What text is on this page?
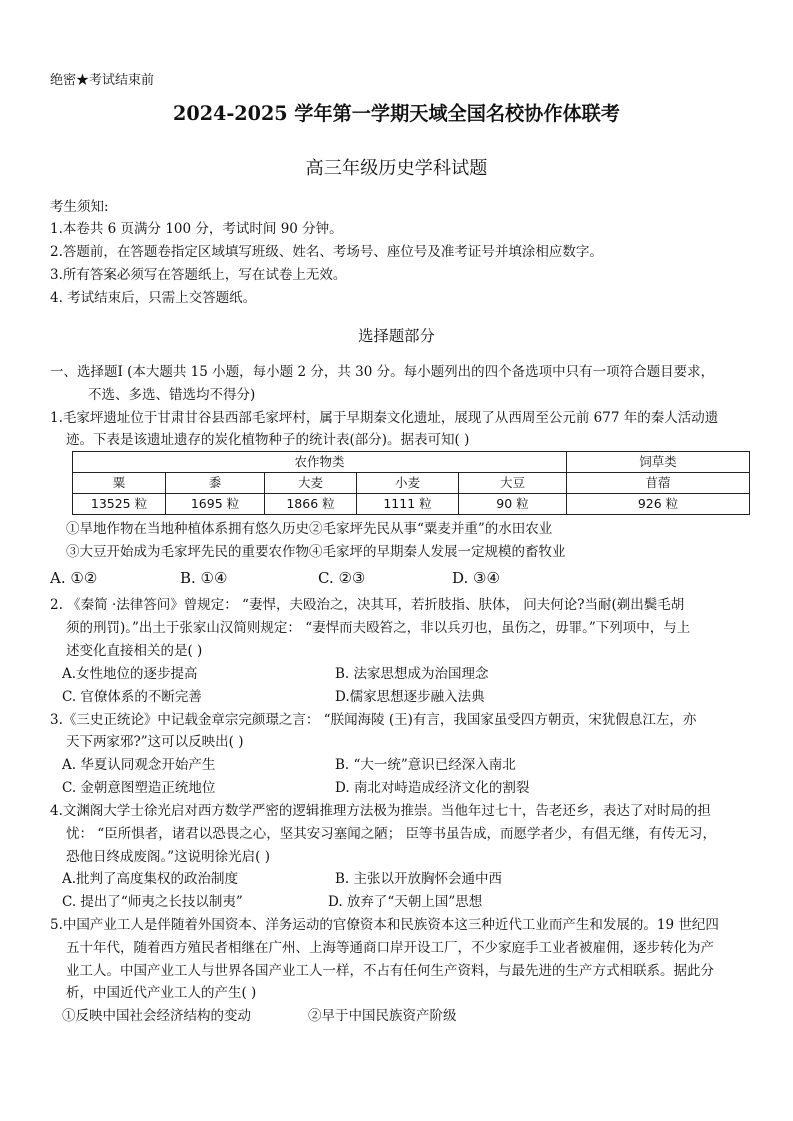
绝密★考试结束前
2024-2025 学年第一学期天域全国名校协作体联考
高三年级历史学科试题
考生须知:
1.本卷共 6 页满分 100 分，考试时间 90 分钟。
2.答题前，在答题卷指定区域填写班级、姓名、考场号、座位号及准考证号并填涂相应数字。
3.所有答案必须写在答题纸上，写在试卷上无效。
4. 考试结束后，只需上交答题纸。
选择题部分
一、选择题Ⅰ (本大题共 15 小题，每小题 2 分，共 30 分。每小题列出的四个备选项中只有一项符合题目要求，
不选、多选、错选均不得分)
1.毛家坪遗址位于甘肃甘谷县西部毛家坪村，属于早期秦文化遗址，展现了从西周至公元前 677 年的秦人活动遗
迹。下表是该遗址遗存的炭化植物种子的统计表(部分)。据表可知( )
农作物类					饲草类
粟	黍	大麦	小麦	大豆	苜蓿
13525 粒	1695 粒	1866 粒	1111 粒	90 粒	926 粒
①旱地作物在当地种植体系拥有悠久历史②毛家坪先民从事“粟麦并重”的水田农业
③大豆开始成为毛家坪先民的重要农作物④毛家坪的早期秦人发展一定规模的畜牧业
A. ①②	B. ①④	C. ②③	D. ③④
2. 《秦简 ·法律答问》曾规定： “妻悍，夫殴治之，决其耳，若折肢指、肤体， 问夫何论?当耐(剃出鬓毛胡
须的刑罚)。”出土于张家山汉简则规定： “妻悍而夫殴笞之，非以兵刃也，虽伤之，毋罪。”下列项中，与上
述变化直接相关的是( )
A.女性地位的逐步提高	B. 法家思想成为治国理念
C. 官僚体系的不断完善	D.儒家思想逐步融入法典
3.《三史正统论》中记载金章宗完颜璟之言： “朕闻海陵 (王)有言，我国家虽受四方朝贡，宋犹假息江左，亦
天下两家邪?”这可以反映出( )
A. 华夏认同观念开始产生	B. “大一统”意识已经深入南北
C. 金朝意图塑造正统地位	D. 南北对峙造成经济文化的割裂
4.文渊阁大学士徐光启对西方数学严密的逻辑推理方法极为推崇。当他年过七十，告老还乡，表达了对时局的担
忧： “臣所惧者，诸君以恐畏之心，坚其安习塞闻之陋； 臣等书虽告成，而愿学者少，有倡无继，有传无习，
恐他日终成废阁。”这说明徐光启( )
A.批判了高度集权的政治制度	B. 主张以开放胸怀会通中西
C. 提出了“师夷之长技以制夷”	D. 放弃了“天朝上国”思想
5.中国产业工人是伴随着外国资本、洋务运动的官僚资本和民族资本这三种近代工业而产生和发展的。19 世纪四
五十年代，随着西方殖民者相继在广州、上海等通商口岸开设工厂，不少家庭手工业者被雇佣，逐步转化为产
业工人。中国产业工人与世界各国产业工人一样，不占有任何生产资料，与最先进的生产方式相联系。据此分
析，中国近代产业工人的产生( )
①反映中国社会经济结构的变动	②早于中国民族资产阶级
